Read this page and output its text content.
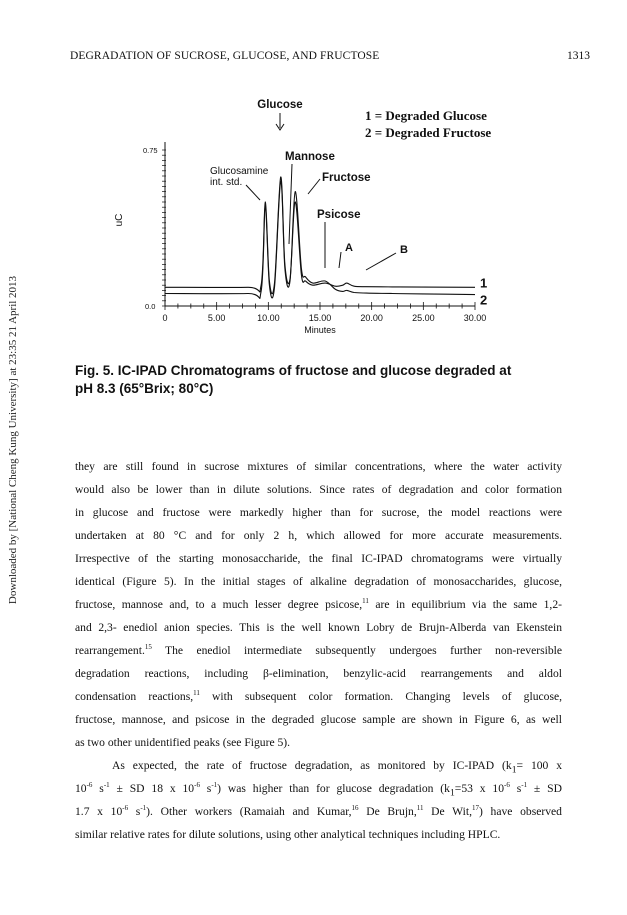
Downloaded by [National Cheng Kung University] at 23:35 21 April 2013
DEGRADATION OF SUCROSE, GLUCOSE, AND FRUCTOSE	1313
0	5.00	10.00	15.00	20.00	25.00	30.00
0.0
0.75
Minutes
uC
1
2
1 = Degraded Glucose
2 = Degraded Fructose
Glucose
Mannose
Glucosamine
int. std.	Fructose
Psicose
A	B
Fig. 5. IC-IPAD Chromatograms of fructose and glucose degraded at
pH 8.3 (65°Brix; 80°C)
they are still found in sucrose mixtures of similar concentrations, where the water activity
would also be lower than in dilute solutions. Since rates of degradation and color formation
in glucose and fructose were markedly higher than for sucrose, the model reactions were
undertaken at 80 °C and for only 2 h, which allowed for more accurate measurements.
Irrespective of the starting monosaccharide, the final IC-IPAD chromatograms were virtually
identical (Figure 5). In the initial stages of alkaline degradation of monosaccharides, glucose,
fructose, mannose and, to a much lesser degree psicose,$^{11}$ are in equilibrium via the same 1,2-
and 2,3- enediol anion species. This is the well known Lobry de Brujn-Alberda van Ekenstein
rearrangement.$^{15}$ The enediol intermediate subsequently undergoes further non-reversible
degradation reactions, including β-elimination, benzylic-acid rearrangements and aldol
condensation reactions,$^{11}$ with subsequent color formation. Changing levels of glucose,
fructose, mannose, and psicose in the degraded glucose sample are shown in Figure 6, as well
as two other unidentified peaks (see Figure 5).
As expected, the rate of fructose degradation, as monitored by IC-IPAD ($k_1= 100$ x
$10^{-6}$ $s^{-1}$ ± SD 18 x $10^{-6}$ $s^{-1}$) was higher than for glucose degradation ($k_1=53$ x $10^{-6}$ $s^{-1}$ ± SD
1.7 x $10^{-6}$ $s^{-1}$). Other workers (Ramaiah and Kumar,$^{16}$ De Brujn,$^{11}$ De Wit,$^{17}$) have observed
similar relative rates for dilute solutions, using other analytical techniques including HPLC.
